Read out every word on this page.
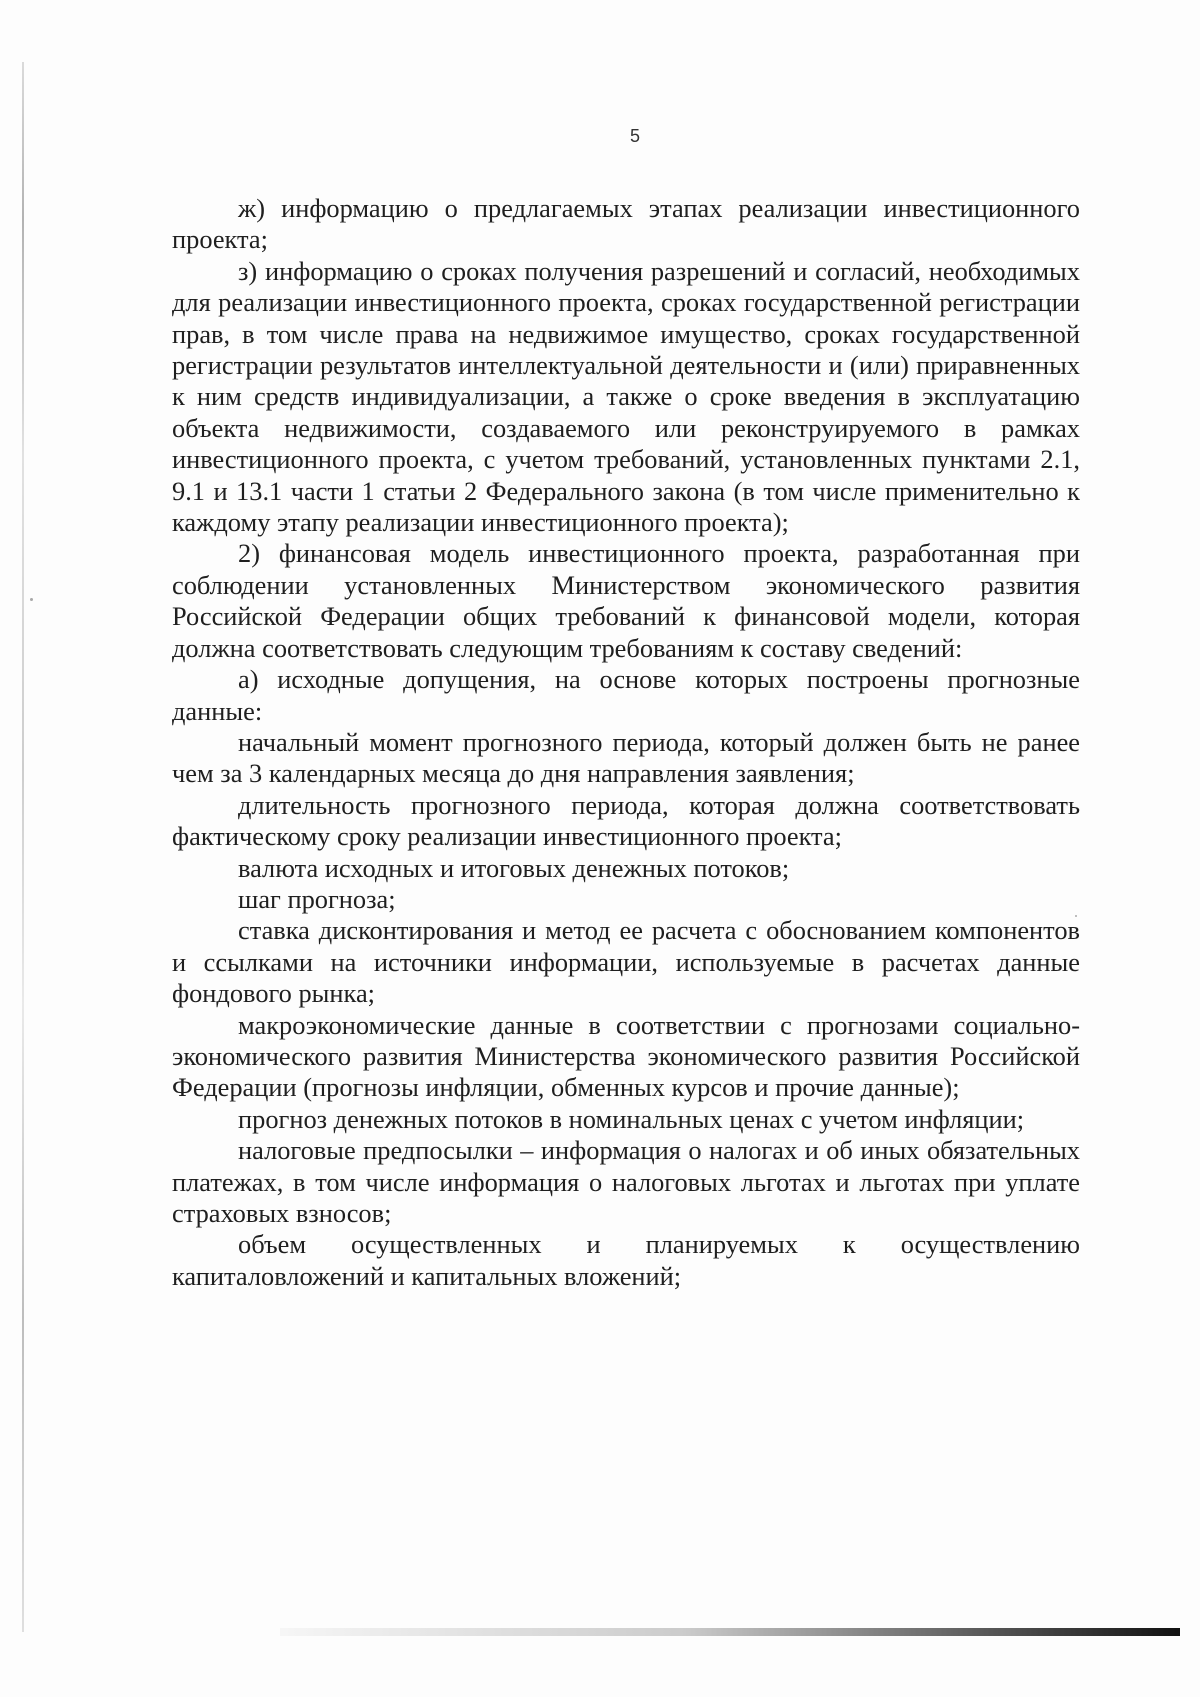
5

ж) информацию о предлагаемых этапах реализации инвестиционного проекта;

з) информацию о сроках получения разрешений и согласий, необходимых для реализации инвестиционного проекта, сроках государственной регистрации прав, в том числе права на недвижимое имущество, сроках государственной регистрации результатов интеллектуальной деятельности и (или) приравненных к ним средств индивидуализации, а также о сроке введения в эксплуатацию объекта недвижимости, создаваемого или реконструируемого в рамках инвестиционного проекта, с учетом требований, установленных пунктами 2.1, 9.1 и 13.1 части 1 статьи 2 Федерального закона (в том числе применительно к каждому этапу реализации инвестиционного проекта);

2) финансовая модель инвестиционного проекта, разработанная при соблюдении установленных Министерством экономического развития Российской Федерации общих требований к финансовой модели, которая должна соответствовать следующим требованиям к составу сведений:

а) исходные допущения, на основе которых построены прогнозные данные:

начальный момент прогнозного периода, который должен быть не ранее чем за 3 календарных месяца до дня направления заявления;

длительность прогнозного периода, которая должна соответствовать фактическому сроку реализации инвестиционного проекта;

валюта исходных и итоговых денежных потоков;

шаг прогноза;

ставка дисконтирования и метод ее расчета с обоснованием компонентов и ссылками на источники информации, используемые в расчетах данные фондового рынка;

макроэкономические данные в соответствии с прогнозами социально-экономического развития Министерства экономического развития Российской Федерации (прогнозы инфляции, обменных курсов и прочие данные);

прогноз денежных потоков в номинальных ценах с учетом инфляции;

налоговые предпосылки – информация о налогах и об иных обязательных платежах, в том числе информация о налоговых льготах и льготах при уплате страховых взносов;

объем осуществленных и планируемых к осуществлению капиталовложений и капитальных вложений;
